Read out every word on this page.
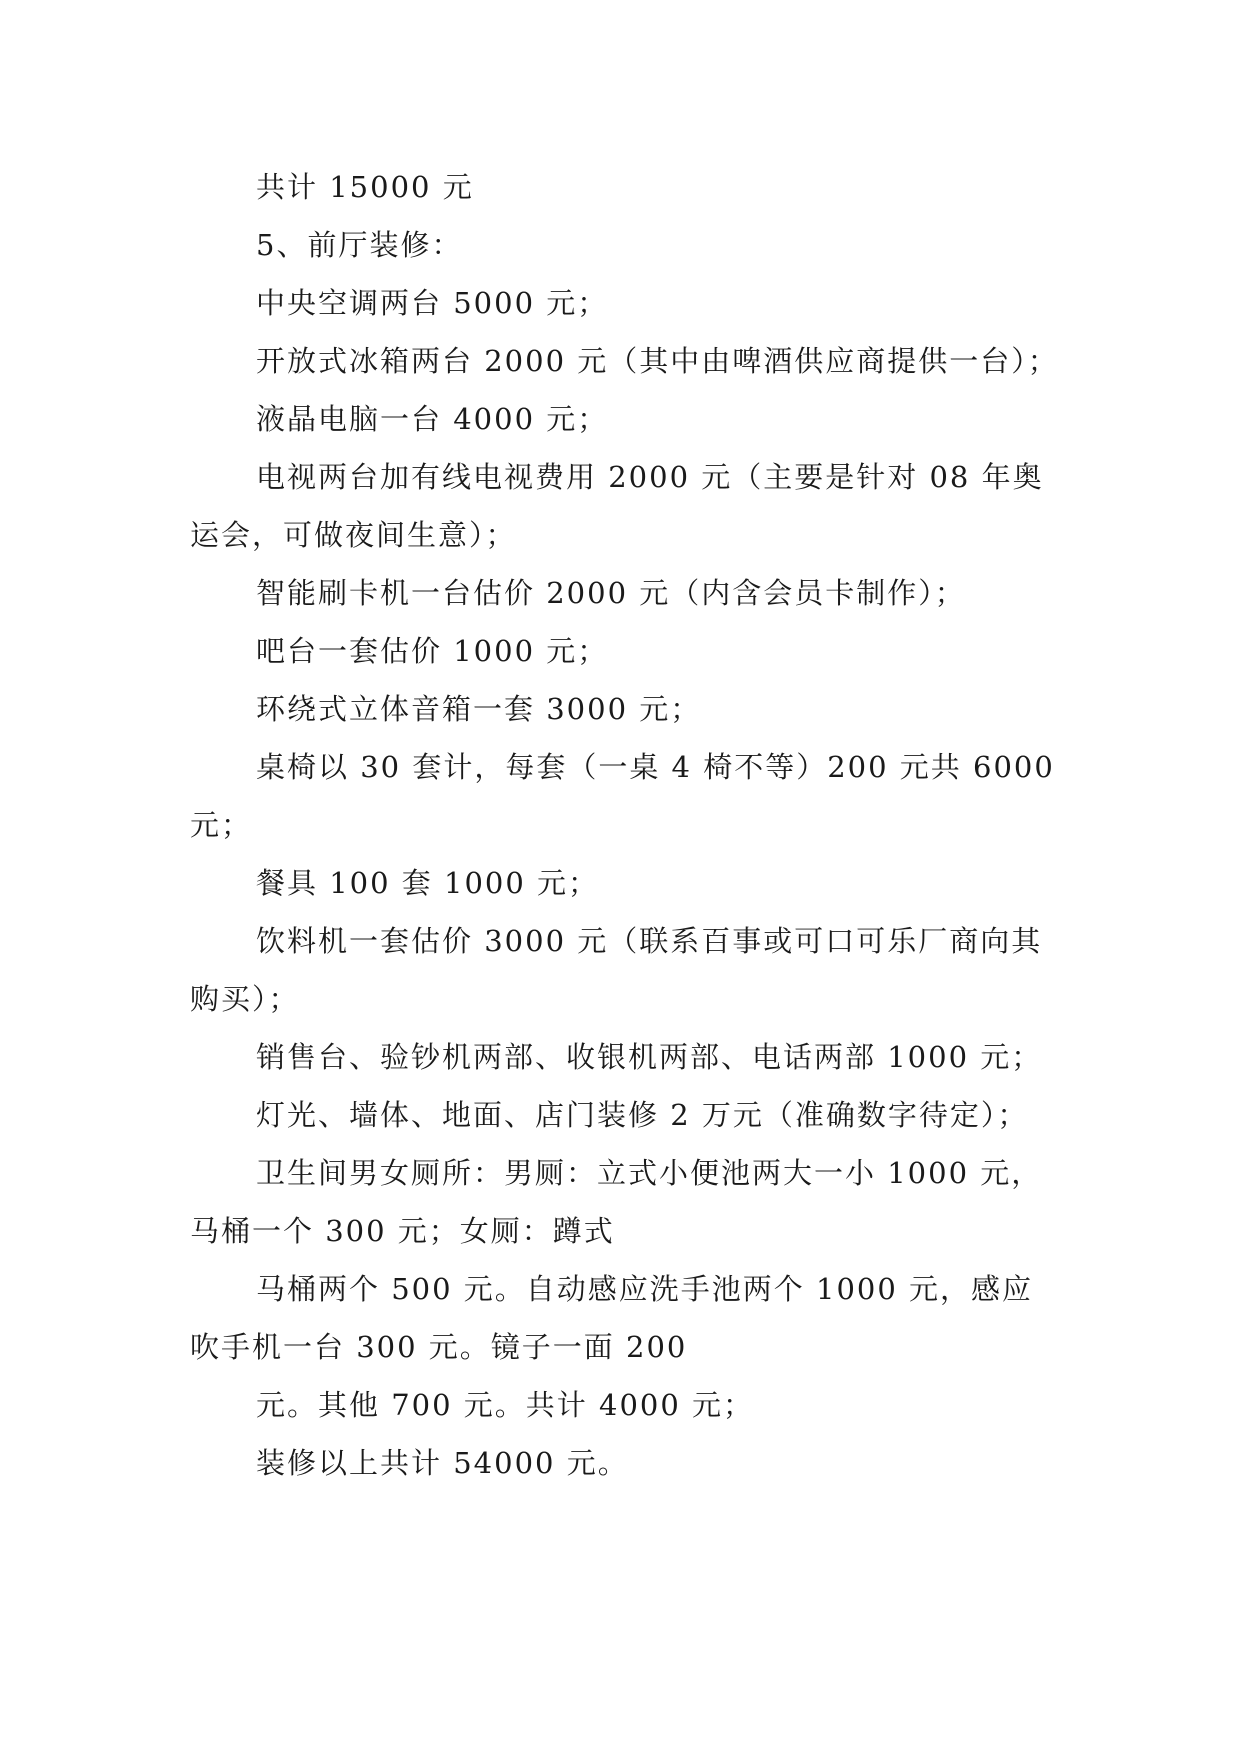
共计 15000 元

5、前厅装修：

中央空调两台 5000 元；

开放式冰箱两台 2000 元（其中由啤酒供应商提供一台）；

液晶电脑一台 4000 元；

电视两台加有线电视费用 2000 元（主要是针对 08 年奥运会，可做夜间生意）；

智能刷卡机一台估价 2000 元（内含会员卡制作）；

吧台一套估价 1000 元；

环绕式立体音箱一套 3000 元；

桌椅以 30 套计，每套（一桌 4 椅不等）200 元共 6000 元；

餐具 100 套 1000 元；

饮料机一套估价 3000 元（联系百事或可口可乐厂商向其购买）；

销售台、验钞机两部、收银机两部、电话两部 1000 元；

灯光、墙体、地面、店门装修 2 万元（准确数字待定）；

卫生间男女厕所：男厕：立式小便池两大一小 1000 元，马桶一个 300 元；女厕：蹲式

马桶两个 500 元。自动感应洗手池两个 1000 元，感应吹手机一台 300 元。镜子一面 200

元。其他 700 元。共计 4000 元；

装修以上共计 54000 元。
